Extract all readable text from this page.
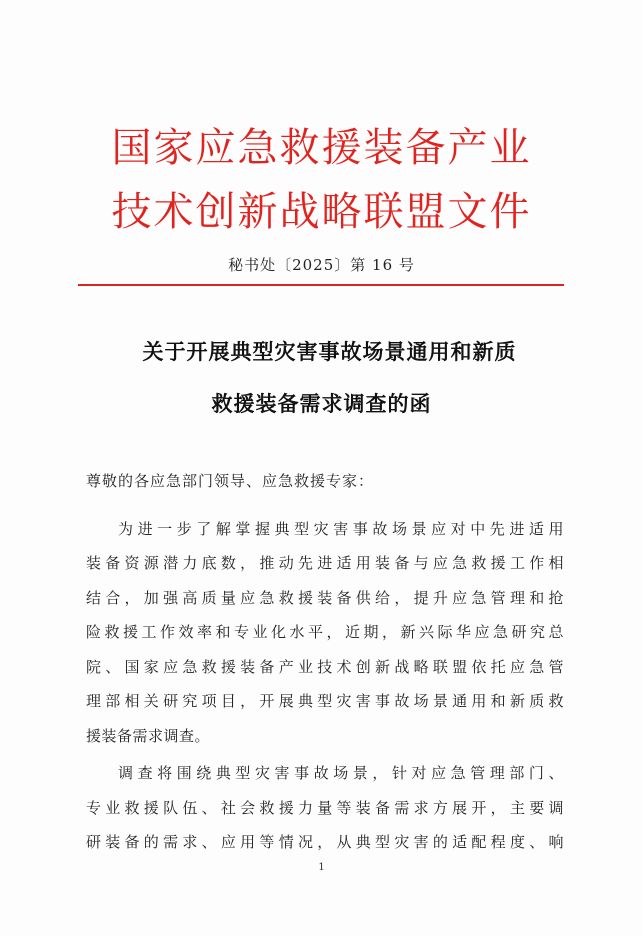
国家应急救援装备产业
技术创新战略联盟文件
秘书处〔2025〕第 16 号
关于开展典型灾害事故场景通用和新质
救援装备需求调查的函
尊敬的各应急部门领导、应急救援专家：
为进一步了解掌握典型灾害事故场景应对中先进适用
装备资源潜力底数，推动先进适用装备与应急救援工作相
结合，加强高质量应急救援装备供给，提升应急管理和抢
险救援工作效率和专业化水平，近期，新兴际华应急研究总
院、国家应急救援装备产业技术创新战略联盟依托应急管
理部相关研究项目，开展典型灾害事故场景通用和新质救
援装备需求调查。
调查将围绕典型灾害事故场景，针对应急管理部门、
专业救援队伍、社会救援力量等装备需求方展开，主要调
研装备的需求、应用等情况，从典型灾害的适配程度、响
1
